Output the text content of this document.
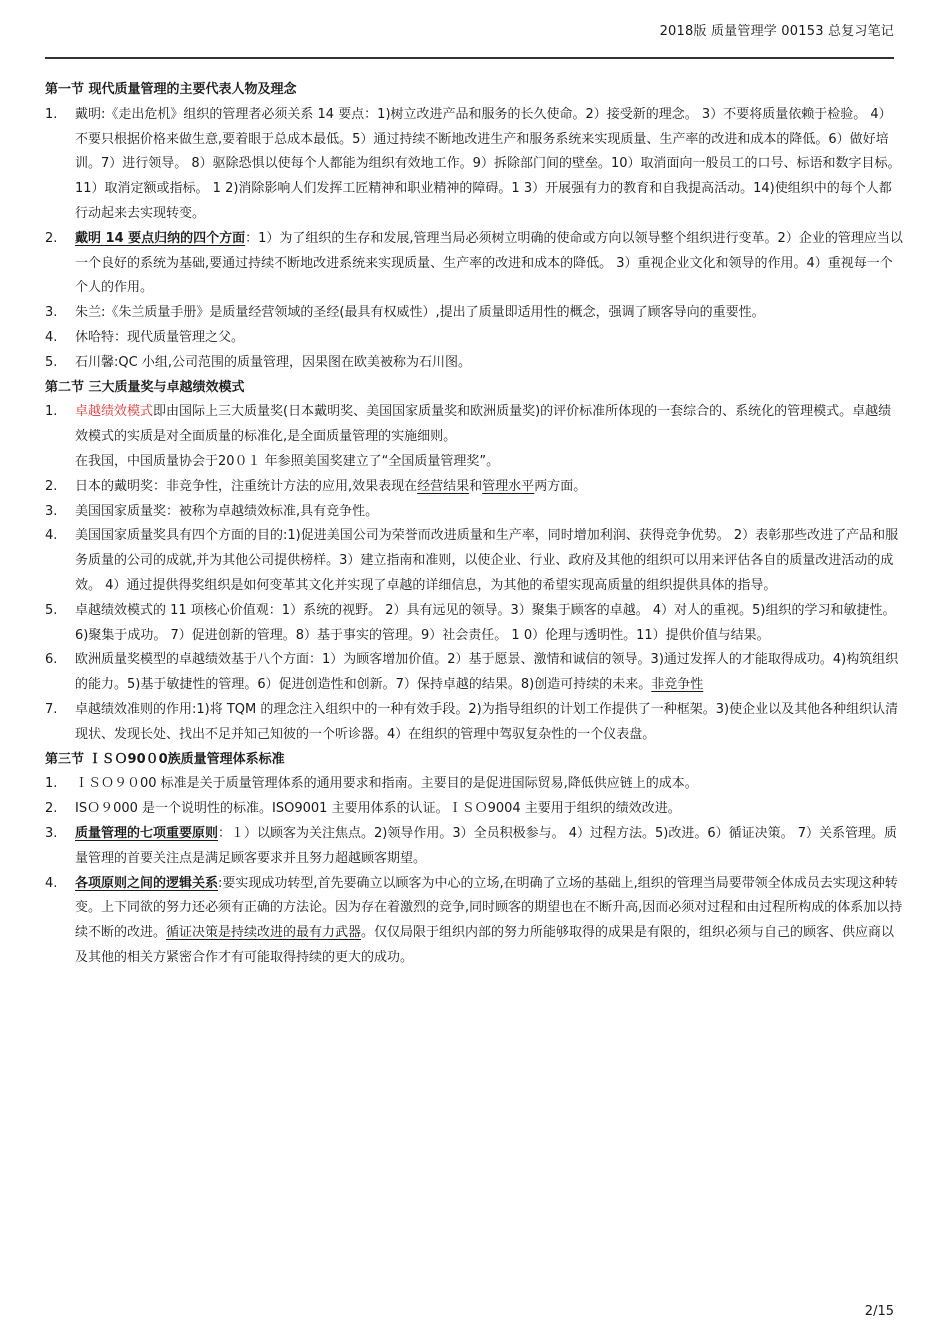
2018版 质量管理学 00153 总复习笔记
第一节 现代质量管理的主要代表人物及理念
1. 戴明:《走出危机》组织的管理者必须关系 14 要点：1)树立改进产品和服务的长久使命。2）接受新的理念。 3）不要将质量依赖于检验。 4）不要只根据价格来做生意,要着眼于总成本最低。5）通过持续不断地改进生产和服务系统来实现质量、生产率的改进和成本的降低。6）做好培训。7）进行领导。 8）驱除恐惧以使每个人都能为组织有效地工作。9）拆除部门间的壁垒。10）取消面向一般员工的口号、标语和数字目标。11）取消定额或指标。 1 2)消除影响人们发挥工匠精神和职业精神的障碍。1 3）开展强有力的教育和自我提高活动。14)使组织中的每个人都行动起来去实现转变。
2. 戴明 14 要点归纳的四个方面：1）为了组织的生存和发展,管理当局必须树立明确的使命或方向以领导整个组织进行变革。2）企业的管理应当以一个良好的系统为基础,要通过持续不断地改进系统来实现质量、生产率的改进和成本的降低。 3）重视企业文化和领导的作用。4）重视每一个个人的作用。
3. 朱兰:《朱兰质量手册》是质量经营领域的圣经(最具有权威性）,提出了质量即适用性的概念，强调了顾客导向的重要性。
4. 休哈特：现代质量管理之父。
5. 石川馨:QC 小组,公司范围的质量管理，因果图在欧美被称为石川图。
第二节 三大质量奖与卓越绩效模式
1. 卓越绩效模式即由国际上三大质量奖(日本戴明奖、美国国家质量奖和欧洲质量奖)的评价标准所体现的一套综合的、系统化的管理模式。卓越绩效模式的实质是对全面质量的标准化,是全面质量管理的实施细则。
在我国，中国质量协会于20０１ 年参照美国奖建立了“全国质量管理奖”。
2. 日本的戴明奖：非竞争性，注重统计方法的应用,效果表现在经营结果和管理水平两方面。
3. 美国国家质量奖：被称为卓越绩效标准,具有竞争性。
4. 美国国家质量奖具有四个方面的目的:1)促进美国公司为荣誉而改进质量和生产率，同时增加利润、获得竞争优势。 2）表彰那些改进了产品和服务质量的公司的成就,并为其他公司提供榜样。3）建立指南和准则，以使企业、行业、政府及其他的组织可以用来评估各自的质量改进活动的成效。 4）通过提供得奖组织是如何变革其文化并实现了卓越的详细信息，为其他的希望实现高质量的组织提供具体的指导。
5. 卓越绩效模式的 11 项核心价值观：1）系统的视野。 2）具有远见的领导。3）聚集于顾客的卓越。 4）对人的重视。5)组织的学习和敏捷性。6)聚集于成功。 7）促进创新的管理。8）基于事实的管理。9）社会责任。 1 0）伦理与透明性。11）提供价值与结果。
6. 欧洲质量奖模型的卓越绩效基于八个方面：1）为顾客增加价值。2）基于愿景、激情和诚信的领导。3)通过发挥人的才能取得成功。4)构筑组织的能力。5)基于敏捷性的管理。6）促进创造性和创新。7）保持卓越的结果。8)创造可持续的未来。非竞争性
7. 卓越绩效准则的作用:1)将 TQM 的理念注入组织中的一种有效手段。2)为指导组织的计划工作提供了一种框架。3)使企业以及其他各种组织认清现状、发现长处、找出不足并知己知彼的一个听诊器。4）在组织的管理中驾驭复杂性的一个仪表盘。
第三节 ＩＳＯ90０0族质量管理体系标准
1. ＩＳＯ９０00 标准是关于质量管理体系的通用要求和指南。主要目的是促进国际贸易,降低供应链上的成本。
2. ISＯ９000 是一个说明性的标准。ISO9001 主要用体系的认证。ＩＳＯ9004 主要用于组织的绩效改进。
3. 质量管理的七项重要原则：１）以顾客为关注焦点。2)领导作用。3）全员积极参与。 4）过程方法。5)改进。6）循证决策。 7）关系管理。质量管理的首要关注点是满足顾客要求并且努力超越顾客期望。
4. 各项原则之间的逻辑关系:要实现成功转型,首先要确立以顾客为中心的立场,在明确了立场的基础上,组织的管理当局要带领全体成员去实现这种转变。上下同欲的努力还必须有正确的方法论。因为存在着激烈的竞争,同时顾客的期望也在不断升高,因而必须对过程和由过程所构成的体系加以持续不断的改进。循证决策是持续改进的最有力武器。仅仅局限于组织内部的努力所能够取得的成果是有限的，组织必须与自己的顾客、供应商以及其他的相关方紧密合作才有可能取得持续的更大的成功。
2/15
